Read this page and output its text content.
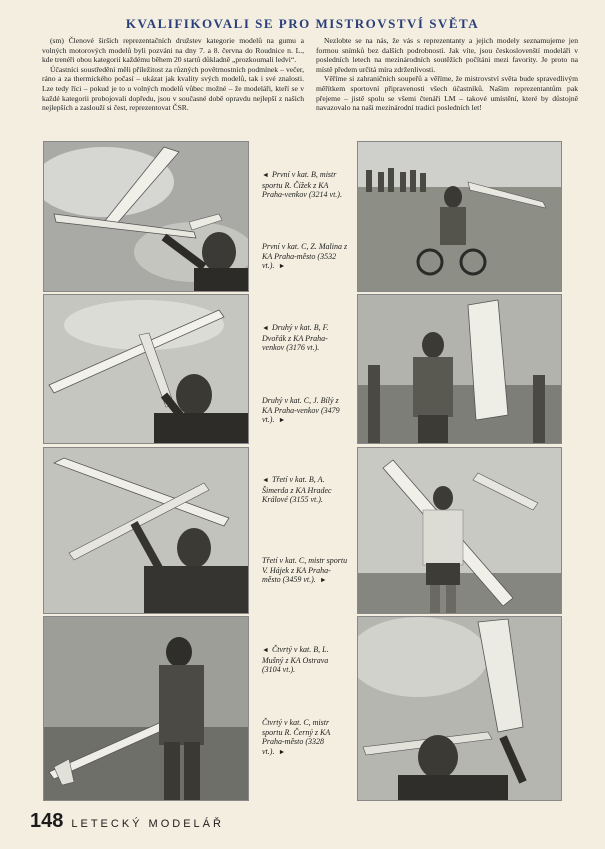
KVALIFIKOVALI SE PRO MISTROVSTVÍ SVĚTA

(sm) Členové širších reprezentačních družstev kategorie modelů na gumu a volných motorových modelů byli pozváni na dny 7. a 8. června do Roudnice n. L., kde trenéři obou kategorií každému během 20 startů důkladně „prozkoumali ledvi“.

Účastníci soustředění měli příležitost za různých povětrnostních podmínek – večer, ráno a za thermického počasí – ukázat jak kvality svých modelů, tak i své znalosti. Lze tedy říci – pokud je to u volných modelů vůbec možné – že modeláři, kteří se v každé kategorii probojovali dopředu, jsou v současné době opravdu nejlepší z našich nejlepších a zaslouží si čest, reprezentovat ČSR.

Nezlobte se na nás, že vás s reprezentanty a jejich modely seznamujeme jen formou snímků bez dalších podrobností. Jak víte, jsou českoslovenští modeláři v posledních letech na mezinárodních soutěžích počítáni mezi favority. Je proto na místě předem určitá míra zdrženlivosti.

Věříme si zahraničních soupeřů a věříme, že mistrovství světa bude spravedlivým měřítkem sportovní připravenosti všech účastníků. Našim reprezentantům pak přejeme – jistě spolu se všemi čtenáři LM – takové umístění, které by důstojně navazovalo na naši mezinárodní tradici posledních let!

◄ První v kat. B, mistr sportu R. Čížek z KA Praha-venkov (3214 vt.).
První v kat. C, Z. Malina z KA Praha-město (3532 vt.). ►
◄ Druhý v kat. B, F. Dvořák z KA Praha-venkov (3176 vt.).
Druhý v kat. C, J. Bílý z KA Praha-venkov (3479 vt.). ►
◄ Třetí v kat. B, A. Šimerda z KA Hradec Králové (3155 vt.).
Třetí v kat. C, mistr sportu V. Hájek z KA Praha-město (3459 vt.). ►
◄ Čtvrtý v kat. B, L. Mušný z KA Ostrava (3104 vt.).
Čtvrtý v kat. C, mistr sportu R. Černý z KA Praha-město (3328 vt.). ►
148 LETECKÝ MODELÁŘ
